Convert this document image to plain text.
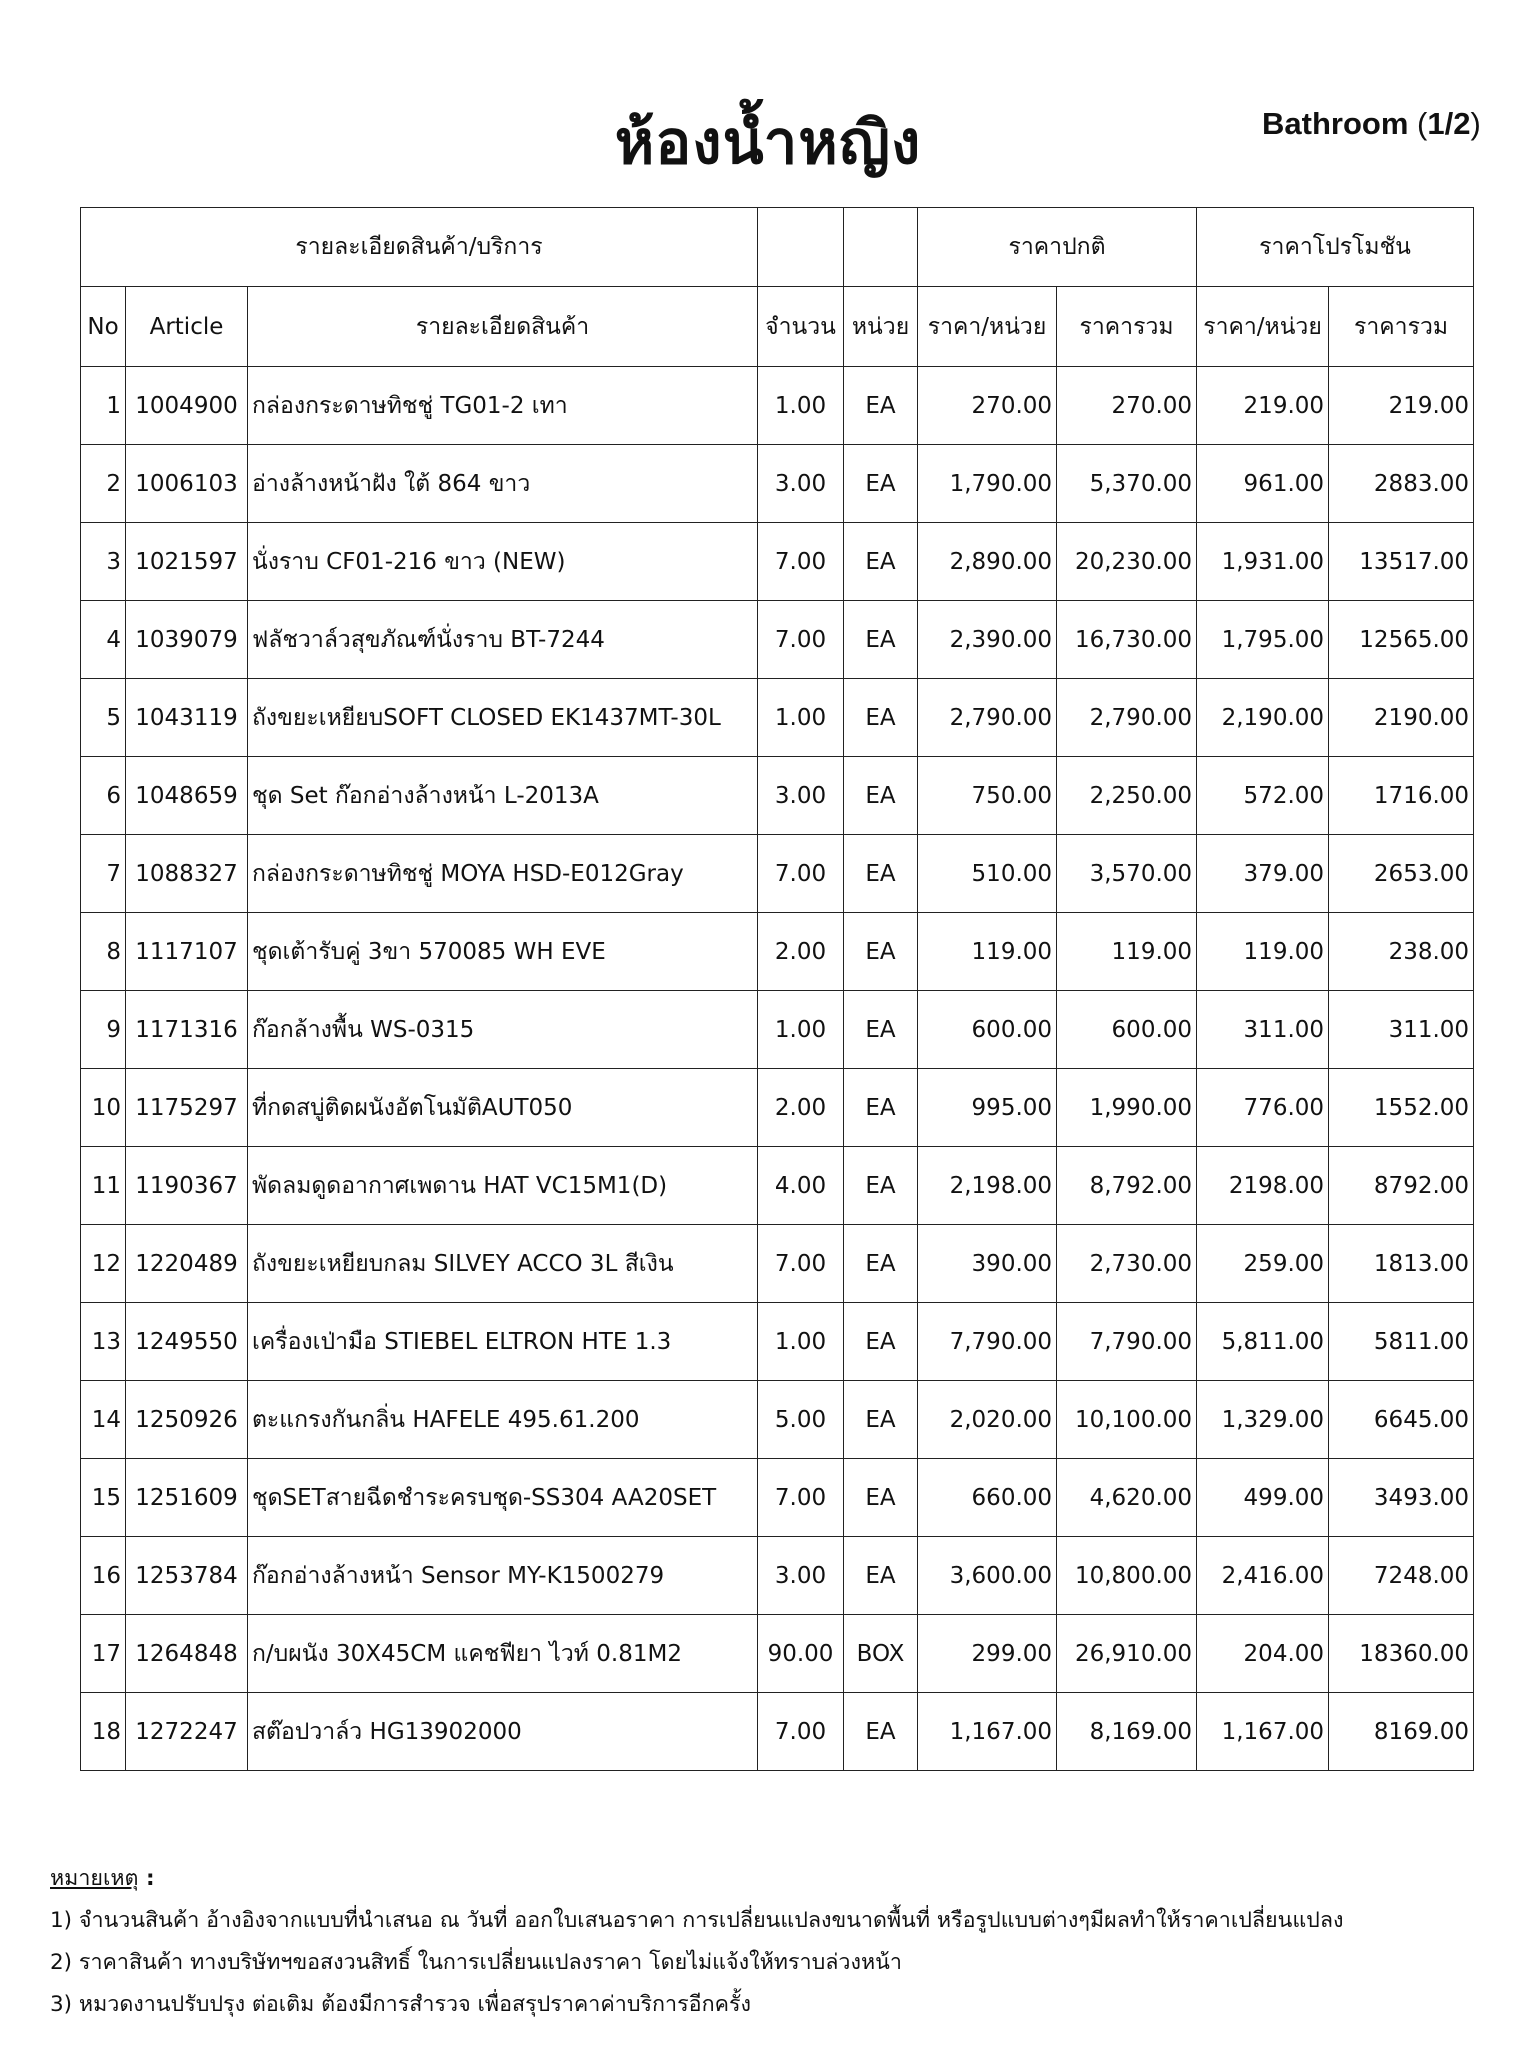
ห้องน้ำหญิง	Bathroom (1/2)
รายละเอียดสินค้า/บริการ					ราคาปกติ		ราคาโปรโมชัน	
No	Article	รายละเอียดสินค้า	จำนวน	หน่วย	ราคา/หน่วย	ราคารวม	ราคา/หน่วย	ราคารวม
1	1004900	กล่องกระดาษทิชชู่ TG01-2 เทา	1.00	EA	270.00	270.00	219.00	219.00
2	1006103	อ่างล้างหน้าฝัง ใต้ 864 ขาว	3.00	EA	1,790.00	5,370.00	961.00	2883.00
3	1021597	นั่งราบ CF01-216 ขาว (NEW)	7.00	EA	2,890.00	20,230.00	1,931.00	13517.00
4	1039079	ฟลัชวาล์วสุขภัณฑ์นั่งราบ BT-7244	7.00	EA	2,390.00	16,730.00	1,795.00	12565.00
5	1043119	ถังขยะเหยียบSOFT CLOSED EK1437MT-30L	1.00	EA	2,790.00	2,790.00	2,190.00	2190.00
6	1048659	ชุด Set ก๊อกอ่างล้างหน้า L-2013A	3.00	EA	750.00	2,250.00	572.00	1716.00
7	1088327	กล่องกระดาษทิชชู่ MOYA HSD-E012Gray	7.00	EA	510.00	3,570.00	379.00	2653.00
8	1117107	ชุดเต้ารับคู่ 3ขา 570085 WH EVE	2.00	EA	119.00	119.00	119.00	238.00
9	1171316	ก๊อกล้างพื้น WS-0315	1.00	EA	600.00	600.00	311.00	311.00
10	1175297	ที่กดสบู่ติดผนังอัตโนมัติAUT050	2.00	EA	995.00	1,990.00	776.00	1552.00
11	1190367	พัดลมดูดอากาศเพดาน HAT VC15M1(D)	4.00	EA	2,198.00	8,792.00	2198.00	8792.00
12	1220489	ถังขยะเหยียบกลม SILVEY ACCO 3L สีเงิน	7.00	EA	390.00	2,730.00	259.00	1813.00
13	1249550	เครื่องเป่ามือ STIEBEL ELTRON HTE 1.3	1.00	EA	7,790.00	7,790.00	5,811.00	5811.00
14	1250926	ตะแกรงกันกลิ่น HAFELE 495.61.200	5.00	EA	2,020.00	10,100.00	1,329.00	6645.00
15	1251609	ชุดSETสายฉีดชำระครบชุด-SS304 AA20SET	7.00	EA	660.00	4,620.00	499.00	3493.00
16	1253784	ก๊อกอ่างล้างหน้า Sensor MY-K1500279	3.00	EA	3,600.00	10,800.00	2,416.00	7248.00
17	1264848	ก/บผนัง 30X45CM แคชฟียา ไวท์ 0.81M2	90.00	BOX	299.00	26,910.00	204.00	18360.00
18	1272247	สต๊อปวาล์ว HG13902000	7.00	EA	1,167.00	8,169.00	1,167.00	8169.00
หมายเหตุ :
1) จำนวนสินค้า อ้างอิงจากแบบที่นำเสนอ ณ วันที่ ออกใบเสนอราคา การเปลี่ยนแปลงขนาดพื้นที่ หรือรูปแบบต่างๆมีผลทำให้ราคาเปลี่ยนแปลง
2) ราคาสินค้า ทางบริษัทฯขอสงวนสิทธิ์ ในการเปลี่ยนแปลงราคา โดยไม่แจ้งให้ทราบล่วงหน้า
3) หมวดงานปรับปรุง ต่อเติม ต้องมีการสำรวจ เพื่อสรุปราคาค่าบริการอีกครั้ง
